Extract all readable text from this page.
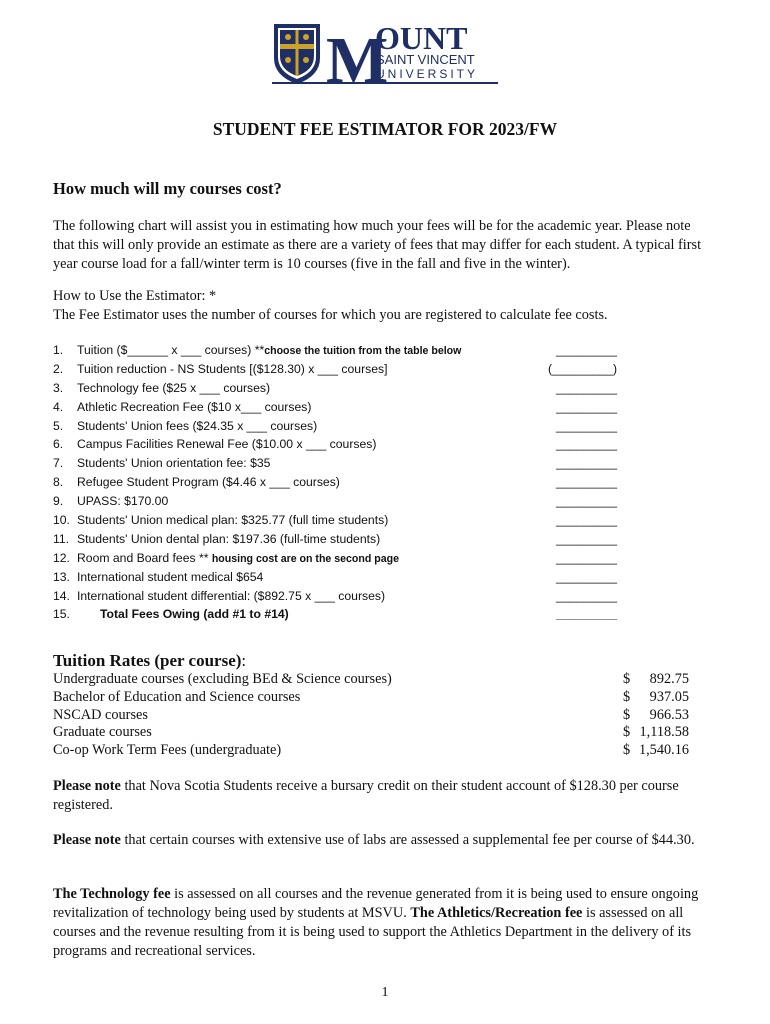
M
OUNT
SAINT VINCENT
UNIVERSITY
STUDENT FEE ESTIMATOR FOR 2023/FW
How much will my courses cost?
The following chart will assist you in estimating how much your fees will be for the academic year. Please note that this will only provide an estimate as there are a variety of fees that may differ for each student. A typical first year course load for a fall/winter term is 10 courses (five in the fall and five in the winter).
How to Use the Estimator: *
The Fee Estimator uses the number of courses for which you are registered to calculate fee costs.
1.	Tuition ($______ x ___ courses) **choose the tuition from the table below	_________
2.	Tuition reduction - NS Students [($128.30) x ___ courses]	(_________)
3.	Technology fee ($25 x ___ courses)	_________
4.	Athletic Recreation Fee ($10 x___ courses)	_________
5.	Students' Union fees ($24.35 x ___ courses)	_________
6.	Campus Facilities Renewal Fee ($10.00 x ___ courses)	_________
7.	Students' Union orientation fee: $35	_________
8.	Refugee Student Program ($4.46 x ___ courses)	_________
9.	UPASS: $170.00	_________
10. Students' Union medical plan: $325.77 (full time students)	_________
11. Students' Union dental plan: $197.36 (full-time students)	_________
12. Room and Board fees ** housing cost are on the second page	_________
13. International student medical $654	_________
14. International student differential: ($892.75 x ___ courses)	_________
15.	Total Fees Owing (add #1 to #14)	_________
Tuition Rates (per course):
Undergraduate courses (excluding BEd & Science courses)	$ 892.75
Bachelor of Education and Science courses	$ 937.05
NSCAD courses	$ 966.53
Graduate courses	$ 1,118.58
Co-op Work Term Fees (undergraduate)	$ 1,540.16
Please note that Nova Scotia Students receive a bursary credit on their student account of $128.30 per course registered.
Please note that certain courses with extensive use of labs are assessed a supplemental fee per course of $44.30.
The Technology fee is assessed on all courses and the revenue generated from it is being used to ensure ongoing revitalization of technology being used by students at MSVU. The Athletics/Recreation fee is assessed on all courses and the revenue resulting from it is being used to support the Athletics Department in the delivery of its programs and recreational services.
1
